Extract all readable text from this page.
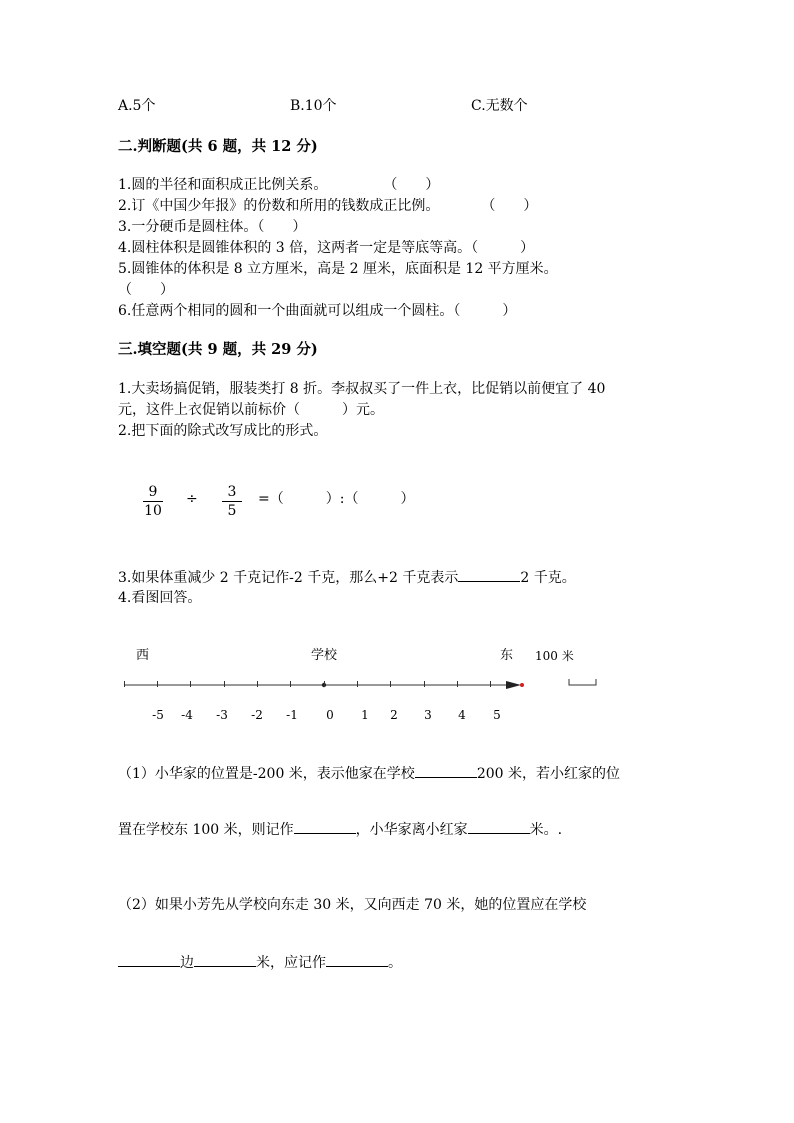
A.5个	B.10个	C.无数个
二.判断题(共 6 题，共 12 分)
1.圆的半径和面积成正比例关系。　　　　　（　　）
2.订《中国少年报》的份数和所用的钱数成正比例。　　　　（　　）
3.一分硬币是圆柱体。（　　）
4.圆柱体积是圆锥体积的 3 倍，这两者一定是等底等高。（　　　）
5.圆锥体的体积是 8 立方厘米，高是 2 厘米，底面积是 12 平方厘米。
（　　）
6.任意两个相同的圆和一个曲面就可以组成一个圆柱。（　　　）
三.填空题(共 9 题，共 29 分)
1.大卖场搞促销，服装类打 8 折。李叔叔买了一件上衣，比促销以前便宜了 40
元，这件上衣促销以前标价（　　　）元。
2.把下面的除式改写成比的形式。
9
10
÷	3
5
=（　　　）:（　　　）
3.如果体重减少 2 千克记作-2 千克，那么+2 千克表示	2 千克。
4.看图回答。
西	学校	东 100 米
-5	-4	-3	-2	-1	0	1	2	3	4	5
（1）小华家的位置是-200 米，表示他家在学校	200 米，若小红家的位
置在学校东 100 米，则记作	，小华家离小红家	米。.
（2）如果小芳先从学校向东走 30 米，又向西走 70 米，她的位置应在学校
边	米，应记作	。
